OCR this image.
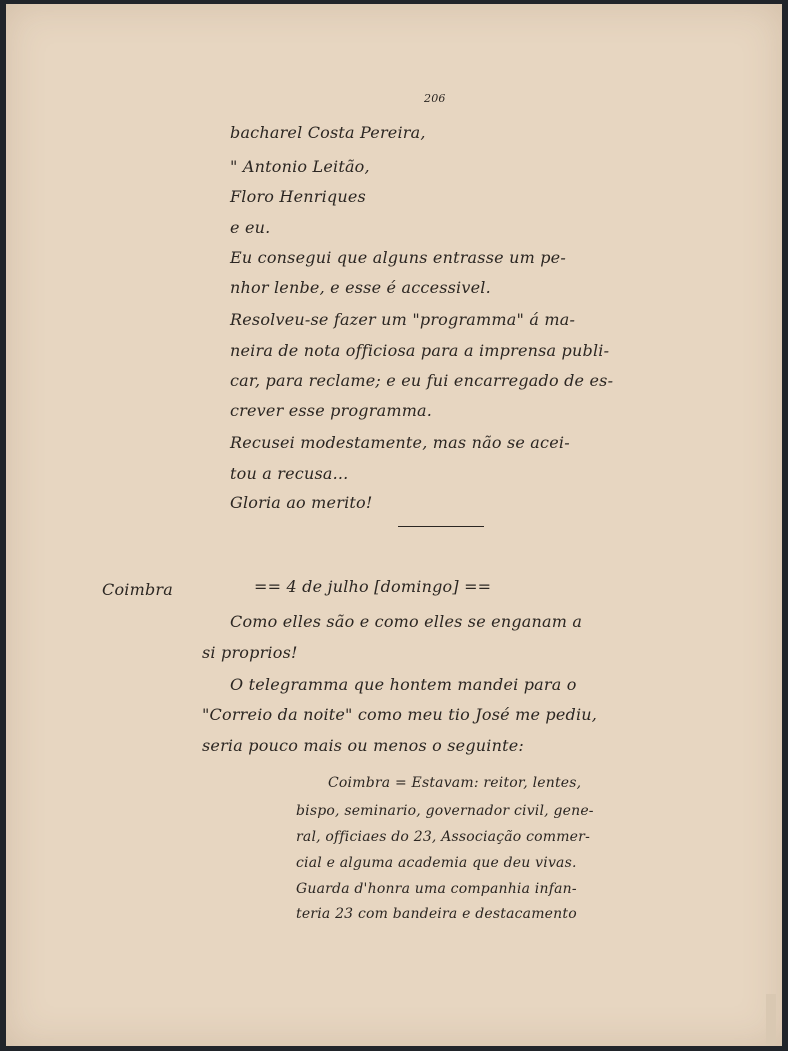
206

bacharel Costa Pereira,

" Antonio Leitão,

Floro Henriques

e eu.

Eu consegui que alguns entrasse um pe-

nhor lenbe, e esse é accessivel.

Resolveu-se fazer um "programma" á ma-

neira de nota officiosa para a imprensa publi-

car, para reclame; e eu fui encarregado de es-

crever esse programma.

Recusei modestamente, mas não se acei-

tou a recusa...

Gloria ao merito!

Coimbra	== 4 de julho [domingo] ==

Como elles são e como elles se enganam a

si proprios!

O telegramma que hontem mandei para o

"Correio da noite" como meu tio José me pediu,

seria pouco mais ou menos o seguinte:

Coimbra = Estavam: reitor, lentes,

bispo, seminario, governador civil, gene-

ral, officiaes do 23, Associação commer-

cial e alguma academia que deu vivas.

Guarda d'honra uma companhia infan-

teria 23 com bandeira e destacamento
